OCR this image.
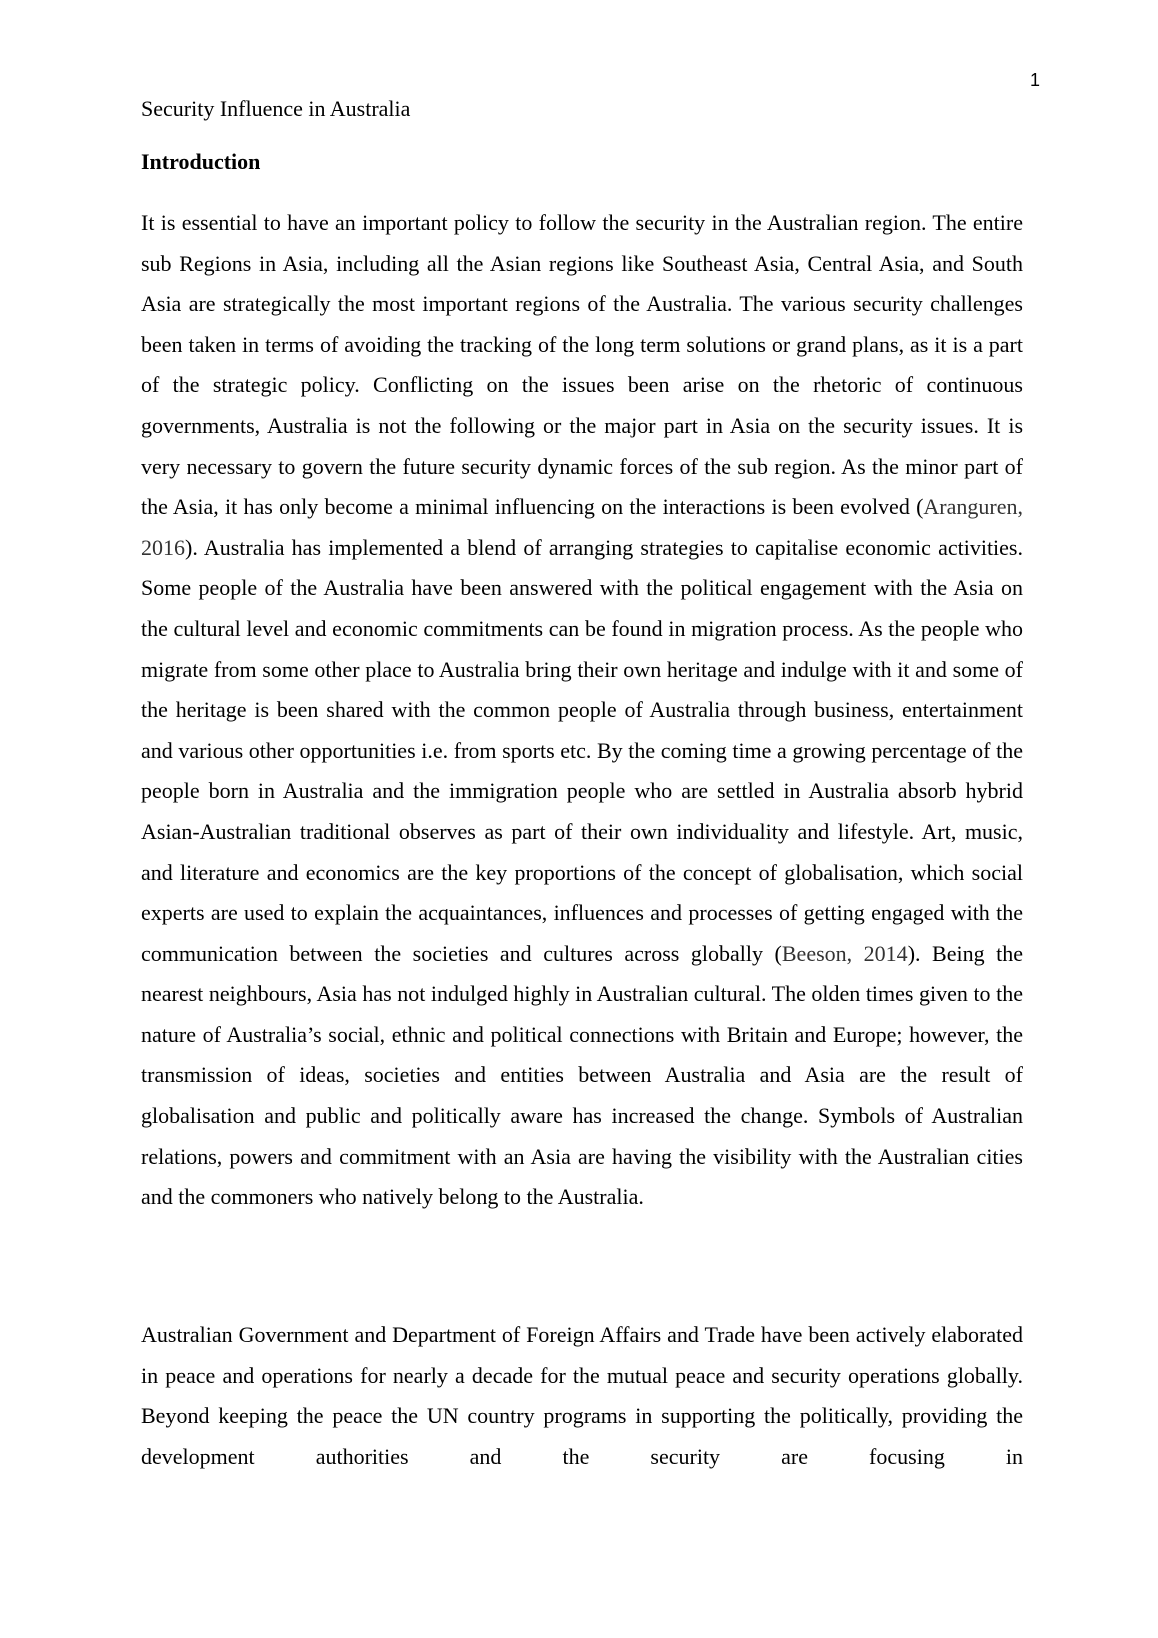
1
Security Influence in Australia
Introduction

It is essential to have an important policy to follow the security in the Australian region. The entire sub Regions in Asia, including all the Asian regions like Southeast Asia, Central Asia, and South Asia are strategically the most important regions of the Australia. The various security challenges been taken in terms of avoiding the tracking of the long term solutions or grand plans, as it is a part of the strategic policy. Conflicting on the issues been arise on the rhetoric of continuous governments, Australia is not the following or the major part in Asia on the security issues. It is very necessary to govern the future security dynamic forces of the sub region. As the minor part of the Asia, it has only become a minimal influencing on the interactions is been evolved (Aranguren, 2016). Australia has implemented a blend of arranging strategies to capitalise economic activities. Some people of the Australia have been answered with the political engagement with the Asia on the cultural level and economic commitments can be found in migration process. As the people who migrate from some other place to Australia bring their own heritage and indulge with it and some of the heritage is been shared with the common people of Australia through business, entertainment and various other opportunities i.e. from sports etc. By the coming time a growing percentage of the people born in Australia and the immigration people who are settled in Australia absorb hybrid Asian-Australian traditional observes as part of their own individuality and lifestyle. Art, music, and literature and economics are the key proportions of the concept of globalisation, which social experts are used to explain the acquaintances, influences and processes of getting engaged with the communication between the societies and cultures across globally (Beeson, 2014). Being the nearest neighbours, Asia has not indulged highly in Australian cultural. The olden times given to the nature of Australia’s social, ethnic and political connections with Britain and Europe; however, the transmission of ideas, societies and entities between Australia and Asia are the result of globalisation and public and politically aware has increased the change. Symbols of Australian relations, powers and commitment with an Asia are having the visibility with the Australian cities and the commoners who natively belong to the Australia.

Australian Government and Department of Foreign Affairs and Trade have been actively elaborated in peace and operations for nearly a decade for the mutual peace and security operations globally. Beyond keeping the peace the UN country programs in supporting the politically, providing the development authorities and the security are focusing in
